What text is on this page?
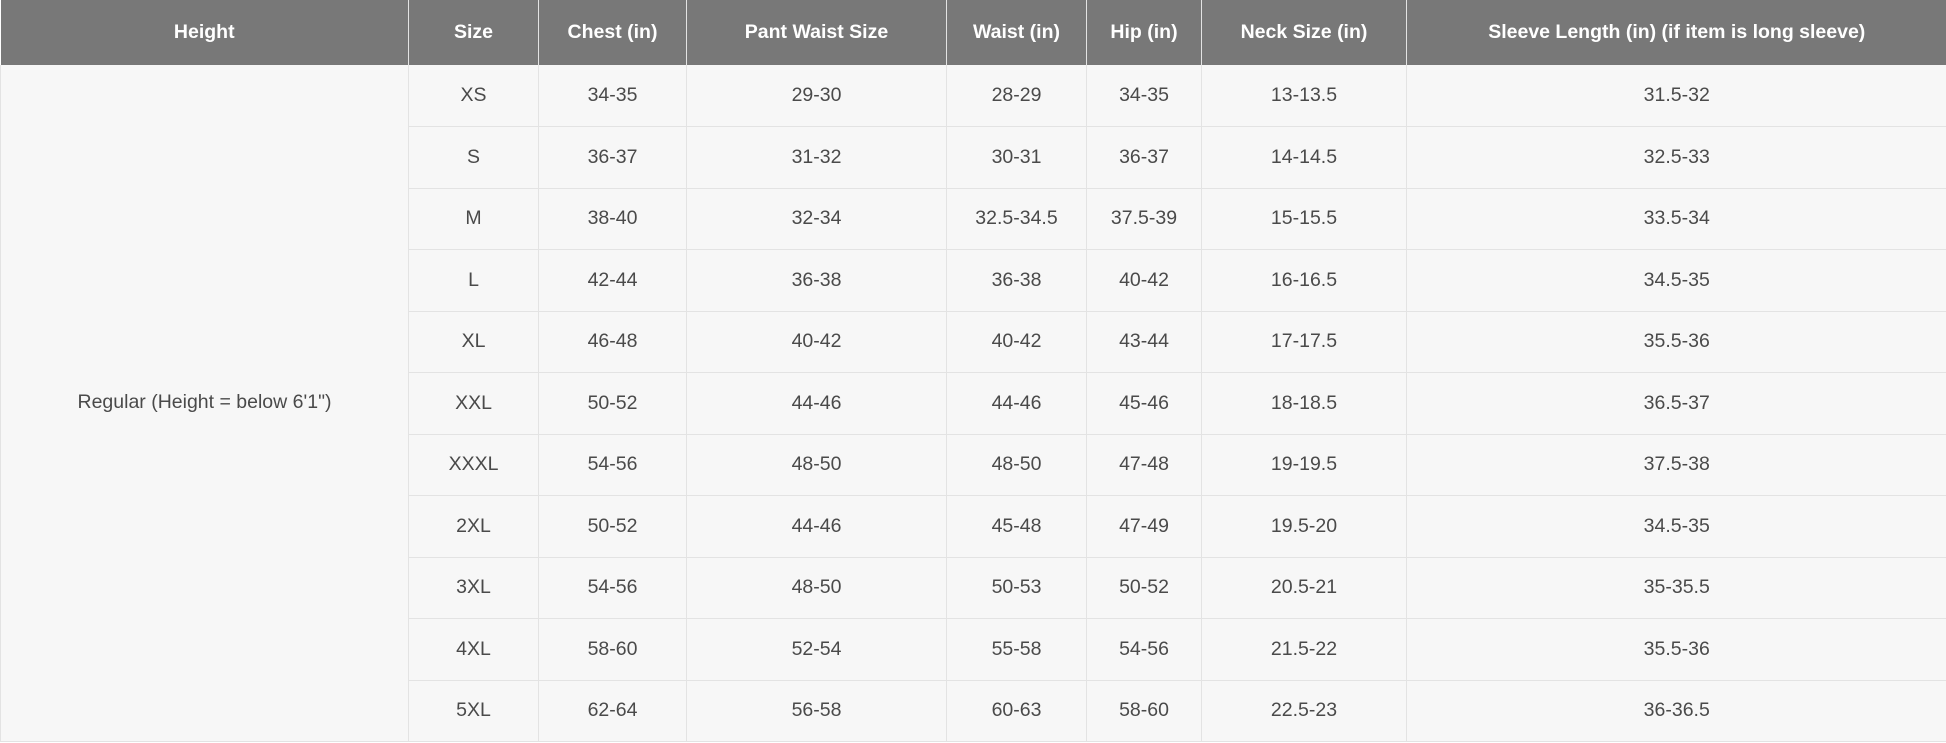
Height	Size	Chest (in)	Pant Waist Size	Waist (in)	Hip (in)	Neck Size (in)	Sleeve Length (in) (if item is long sleeve)
Regular (Height = below 6'1")	XS	34-35	29-30	28-29	34-35	13-13.5	31.5-32
	S	36-37	31-32	30-31	36-37	14-14.5	32.5-33
	M	38-40	32-34	32.5-34.5	37.5-39	15-15.5	33.5-34
	L	42-44	36-38	36-38	40-42	16-16.5	34.5-35
	XL	46-48	40-42	40-42	43-44	17-17.5	35.5-36
	XXL	50-52	44-46	44-46	45-46	18-18.5	36.5-37
	XXXL	54-56	48-50	48-50	47-48	19-19.5	37.5-38
	2XL	50-52	44-46	45-48	47-49	19.5-20	34.5-35
	3XL	54-56	48-50	50-53	50-52	20.5-21	35-35.5
	4XL	58-60	52-54	55-58	54-56	21.5-22	35.5-36
	5XL	62-64	56-58	60-63	58-60	22.5-23	36-36.5
